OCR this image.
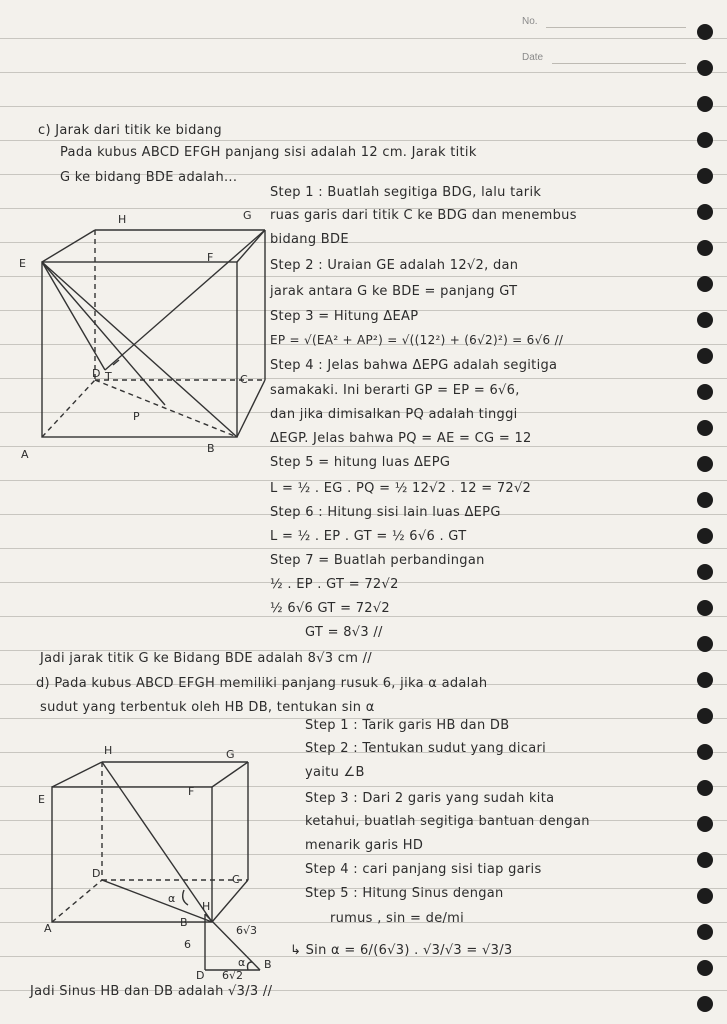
No.
Date
c) Jarak dari titik ke bidang
Pada kubus ABCD EFGH panjang sisi adalah 12 cm. Jarak titik
G ke bidang BDE adalah...
Step 1 : Buatlah segitiga BDG, lalu tarik
ruas garis dari titik C ke BDG dan menembus
bidang BDE
Step 2 : Uraian GE adalah 12√2, dan
jarak antara G ke BDE = panjang GT
Step 3 = Hitung ΔEAP
EP = √(EA² + AP²) = √((12²) + (6√2)²) = 6√6 //
Step 4 : Jelas bahwa ΔEPG adalah segitiga
samakaki. Ini berarti GP = EP = 6√6,
dan jika dimisalkan PQ adalah tinggi
ΔEGP. Jelas bahwa PQ = AE = CG = 12
Step 5 = hitung luas ΔEPG
L = ½ . EG . PQ = ½ 12√2 . 12 = 72√2
Step 6 : Hitung sisi lain luas ΔEPG
L = ½ . EP . GT = ½ 6√6 . GT
Step 7 = Buatlah perbandingan
½ . EP . GT = 72√2
½ 6√6 GT = 72√2
GT = 8√3 //
Jadi jarak titik G ke Bidang BDE adalah 8√3 cm //
H	G
E	F
D T	C
P
A	B
d) Pada kubus ABCD EFGH memiliki panjang rusuk 6, jika α adalah
sudut yang terbentuk oleh HB DB, tentukan sin α
Step 1 : Tarik garis HB dan DB
Step 2 : Tentukan sudut yang dicari
yaitu ∠B
Step 3 : Dari 2 garis yang sudah kita
ketahui, buatlah segitiga bantuan dengan
menarik garis HD
Step 4 : cari panjang sisi tiap garis
Step 5 : Hitung Sinus dengan
rumus , sin = de/mi
↳ Sin α = 6/(6√3) . √3/√3 = √3/3
Jadi Sinus HB dan DB adalah √3/3 //
H	G
E
F
D	C
α
A	B
H
D
B
6
6√3
6√2
α
